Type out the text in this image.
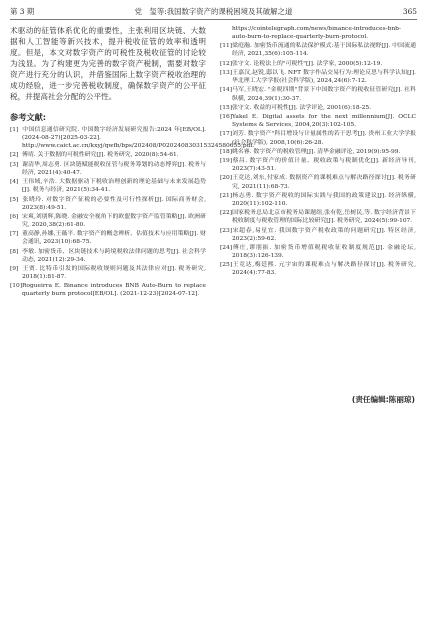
第 3 期	党　玺等:我国数字资产的课税困境及其破解之道	365

术驱动的征管体系优化的重要性，主张利用区块链、大数据和人工智能等新兴技术，提升税收征管的效率和透明度。但是，本文对数字资产的可税性及税收征管的讨论较为浅显。为了构建更为完善的数字资产税制，需要对数字资产进行充分的认识，并借鉴国际上数字资产税收治理的成功经验，进一步完善税收制度，确保数字资产的公平征税，并提高社会分配的公平性。

参考文献:
[1] 中国信息通信研究院. 中国数字经济发展研究报告:2024 年[EB/OL]. (2024-08-27)[2025-03-22]. http://www.caict.ac.cn/kxyj/qwfb/bps/202408/P020240830315324580655.pdf.
[2] 傅靖. 关于数据的可税性研究[J]. 税务研究, 2020(8):54-61.
[3] 谢清华,周志勇. 区块链赋能税收征管与税务筹划的动态博弈[J]. 税务与经济, 2021(4):40-47.
[4] 王伟域,辛浩. 大数据驱动下税收治理创新的理论基础与未来发展趋势[J]. 税务与经济, 2021(5):34-41.
[5] 张晓玲. 对数字资产征税的必要性及可行性探析[J]. 国际商务财会, 2023(8):49-51.
[6] 宋爽,刘朋辉,陈晓. 金融安全视角下的欧盟数字资产监管策略[J]. 欧洲研究, 2020,38(2):61-80.
[7] 董高静,孙娜,王薇平. 数字资产的概念辨析、估值技术与应用策略[J]. 财会通讯, 2023(10):68-75.
[8] 李敏. 加密货币、区块链技术与跨境税收法律问题的思考[J]. 社会科学动态, 2021(12):29-34.
[9] 王贾. 比特币引发的国际税收规则问题及其法律应对[J]. 税务研究, 2018(1):81-87.
[10]Rogueirra E. Binance introduces BNB Auto-Burn to replace quarterly burn protocol[EB/OL]. (2021-12-23)[2024-07-12].
https://cointelegraph.com/news/binance-introduces-bnb-auto-burn-to-replace-quarterly-burn-protocol.
[11]梁庭瀚. 加密货币流通的私法保护模式:基于国际私法视野[J]. 中国流通经济, 2021,35(6):105-114.
[12]张守文. 论税法上的"可税性"[J]. 法学家, 2000(5):12-19.
[13]王嘉汉,赵锐,邸以飞. NFT 数字作品交易行为:理论反思与科学认知[J]. 华北理工大学学报(社会科学版), 2024,24(6):7-12.
[14]马军,王晓宏. "金税四期"背景下中国数字资产的税收征管研究[J]. 社科纵横, 2024,39(1):30-37.
[15]张守文. 收益的可税性[J]. 法学评论, 2001(6):18-25.
[16]Yakel E. Digital assets for the next millennium[J]. OCLC Systems & Services, 2004,20(3):102-105.
[17]刘芳. 数字资产"科目增设与计量属性的若干思考[J]. 贵州工业大学学报(社会科学版), 2008,10(6):26-28.
[18]姚名睿. 数字资产的税收管理[J]. 清华金融评论, 2019(9):95-99.
[19]蔡昌. 数字资产的价值计量、税收政策与税制优化[J]. 新经济导刊, 2023(7):43-51.
[20]王竞达,刘东,付家成. 数据资产的课税难点与解决路径探讨[J]. 税务研究, 2021(11):68-73.
[21]杨志勇. 数字资产税收的国际实践与我国的政策建议[J]. 经济纵横, 2020(11):102-110.
[22]国家税务总局北京市税务局课题组,张有乾,岳树民,等. 数字经济背景下税收制度与税收管理的国际比较研究[J]. 税务研究, 2024(5):99-107.
[23]宋超春,易星宜. 我国数字资产税收政策的问题研究[J]. 特区经济, 2023(2):59-62.
[24]傅庄,谬朋振. 加密货币增值税税收征收制度规范[J]. 金融论坛, 2018(3):126-139.
[25]王竞达,梅廷熙. 元宇宙的课税难点与解决路径探讨[J]. 税务研究, 2024(4):77-83.
(责任编辑:陈丽琼)
